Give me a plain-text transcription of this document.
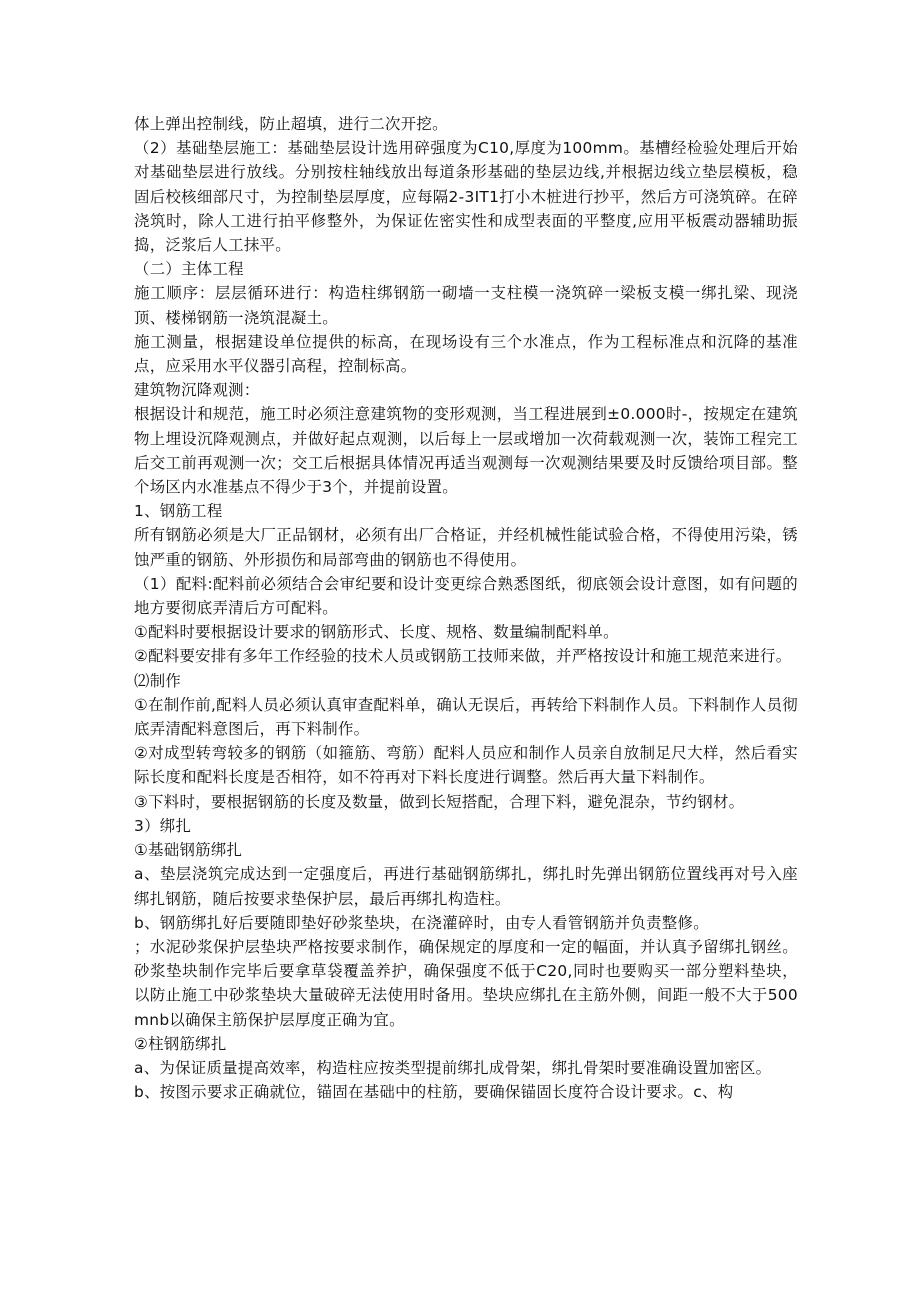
体上弹出控制线，防止超填，进行二次开挖。

（2）基础垫层施工：基础垫层设计选用碎强度为C10,厚度为100mm。基槽经检验处理后开始对基础垫层进行放线。分别按柱轴线放出每道条形基础的垫层边线,并根据边线立垫层模板，稳固后校核细部尺寸，为控制垫层厚度，应每隔2-3IT1打小木桩进行抄平，然后方可浇筑碎。在碎浇筑时，除人工进行拍平修整外，为保证佐密实性和成型表面的平整度,应用平板震动器辅助振捣，泛浆后人工抹平。

（二）主体工程

施工顺序：层层循环进行：构造柱绑钢筋一砌墙一支柱模一浇筑碎一梁板支模一绑扎梁、现浇顶、楼梯钢筋一浇筑混凝土。

施工测量，根据建设单位提供的标高，在现场设有三个水准点，作为工程标准点和沉降的基准点，应采用水平仪器引高程，控制标高。

建筑物沉降观测：

根据设计和规范，施工时必须注意建筑物的变形观测，当工程进展到±0.000时-，按规定在建筑物上埋设沉降观测点，并做好起点观测，以后每上一层或增加一次荷载观测一次，装饰工程完工后交工前再观测一次；交工后根据具体情况再适当观测每一次观测结果要及时反馈给项目部。整个场区内水准基点不得少于3个，并提前设置。

1、钢筋工程

所有钢筋必须是大厂正品钢材，必须有出厂合格证，并经机械性能试验合格，不得使用污染，锈蚀严重的钢筋、外形损伤和局部弯曲的钢筋也不得使用。

（1）配料:配料前必须结合会审纪要和设计变更综合熟悉图纸，彻底领会设计意图，如有问题的地方要彻底弄清后方可配料。

①配料时要根据设计要求的钢筋形式、长度、规格、数量编制配料单。

②配料要安排有多年工作经验的技术人员或钢筋工技师来做，并严格按设计和施工规范来进行。

⑵制作

①在制作前,配料人员必须认真审查配料单，确认无误后，再转给下料制作人员。下料制作人员彻底弄清配料意图后，再下料制作。

②对成型转弯较多的钢筋（如箍筋、弯筋）配料人员应和制作人员亲自放制足尺大样，然后看实际长度和配料长度是否相符，如不符再对下料长度进行调整。然后再大量下料制作。

③下料时，要根据钢筋的长度及数量，做到长短搭配，合理下料，避免混杂，节约钢材。

3）绑扎

①基础钢筋绑扎

a、垫层浇筑完成达到一定强度后，再进行基础钢筋绑扎，绑扎时先弹出钢筋位置线再对号入座绑扎钢筋，随后按要求垫保护层，最后再绑扎构造柱。

b、钢筋绑扎好后要随即垫好砂浆垫块，在浇灌碎时，由专人看管钢筋并负责整修。

；水泥砂浆保护层垫块严格按要求制作，确保规定的厚度和一定的幅面，并认真予留绑扎钢丝。砂浆垫块制作完毕后要拿草袋覆盖养护，确保强度不低于C20,同时也要购买一部分塑料垫块，以防止施工中砂浆垫块大量破碎无法使用时备用。垫块应绑扎在主筋外侧，间距一般不大于500mnb以确保主筋保护层厚度正确为宜。

②柱钢筋绑扎

a、为保证质量提高效率，构造柱应按类型提前绑扎成骨架，绑扎骨架时要准确设置加密区。

b、按图示要求正确就位，锚固在基础中的柱筋，要确保锚固长度符合设计要求。c、构
